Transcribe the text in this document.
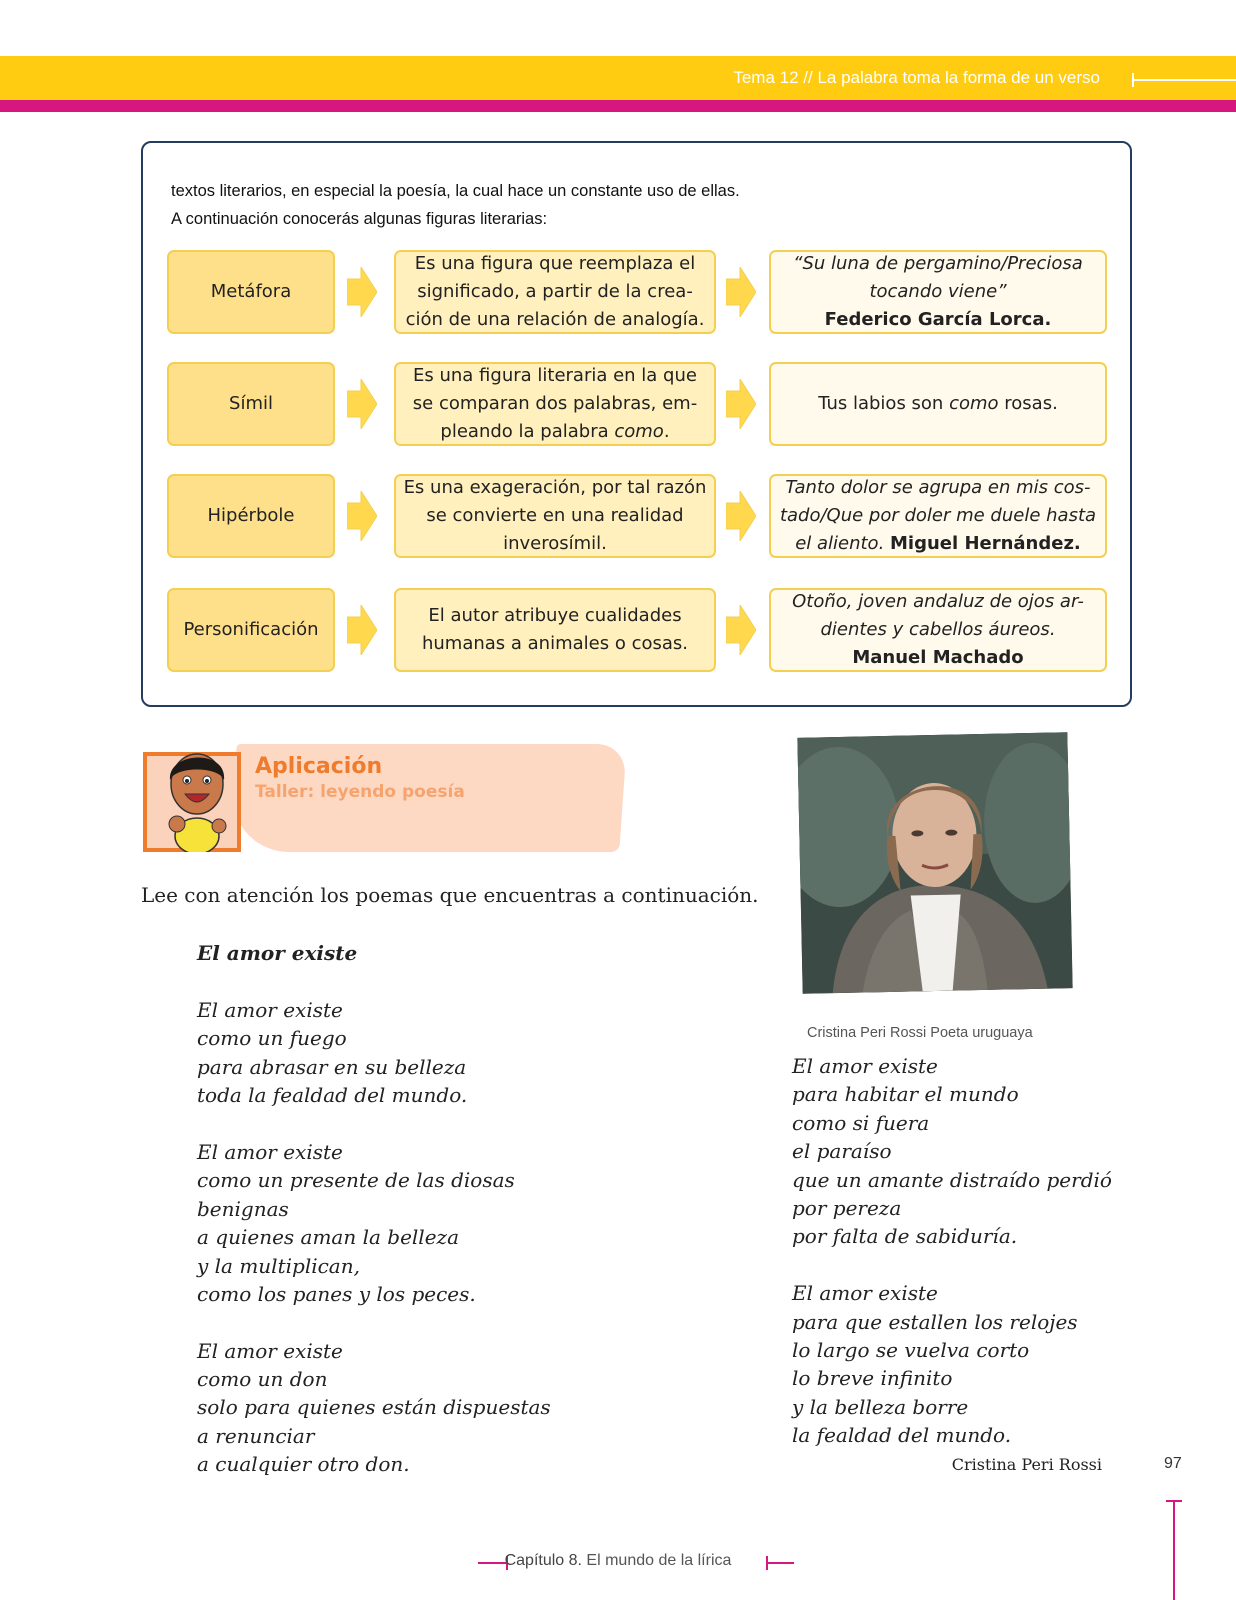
Tema 12 // La palabra toma la forma de un verso

textos literarios, en especial la poesía, la cual hace un constante uso de ellas.

A continuación conocerás algunas figuras literarias:

Metáfora
Es una figura que reemplaza el
significado, a partir de la crea-
ción de una relación de analogía.
“Su luna de pergamino/Preciosa
tocando viene”
Federico García Lorca.
Símil
Es una figura literaria en la que
se comparan dos palabras, em-
pleando la palabra como.
Tus labios son como rosas.
Hipérbole
Es una exageración, por tal razón
se convierte en una realidad
inverosímil.
Tanto dolor se agrupa en mis cos-
tado/Que por doler me duele hasta
el aliento. Miguel Hernández.
Personificación
El autor atribuye cualidades
humanas a animales o cosas.
Otoño, joven andaluz de ojos ar-
dientes y cabellos áureos.
Manuel Machado
Aplicación
Taller: leyendo poesía
Lee con atención los poemas que encuentras a continuación.
El amor existe

El amor existe

como un fuego

para abrasar en su belleza

toda la fealdad del mundo.

El amor existe

como un presente de las diosas

benignas

a quienes aman la belleza

y la multiplican,

como los panes y los peces.

El amor existe

como un don

solo para quienes están dispuestas

a renunciar

a cualquier otro don.

Cristina Peri Rossi Poeta uruguaya

El amor existe

para habitar el mundo

como si fuera

el paraíso

que un amante distraído perdió

por pereza

por falta de sabiduría.

El amor existe

para que estallen los relojes

lo largo se vuelva corto

lo breve infinito

y la belleza borre

la fealdad del mundo.

Cristina Peri Rossi	97
Capítulo 8. El mundo de la lírica
